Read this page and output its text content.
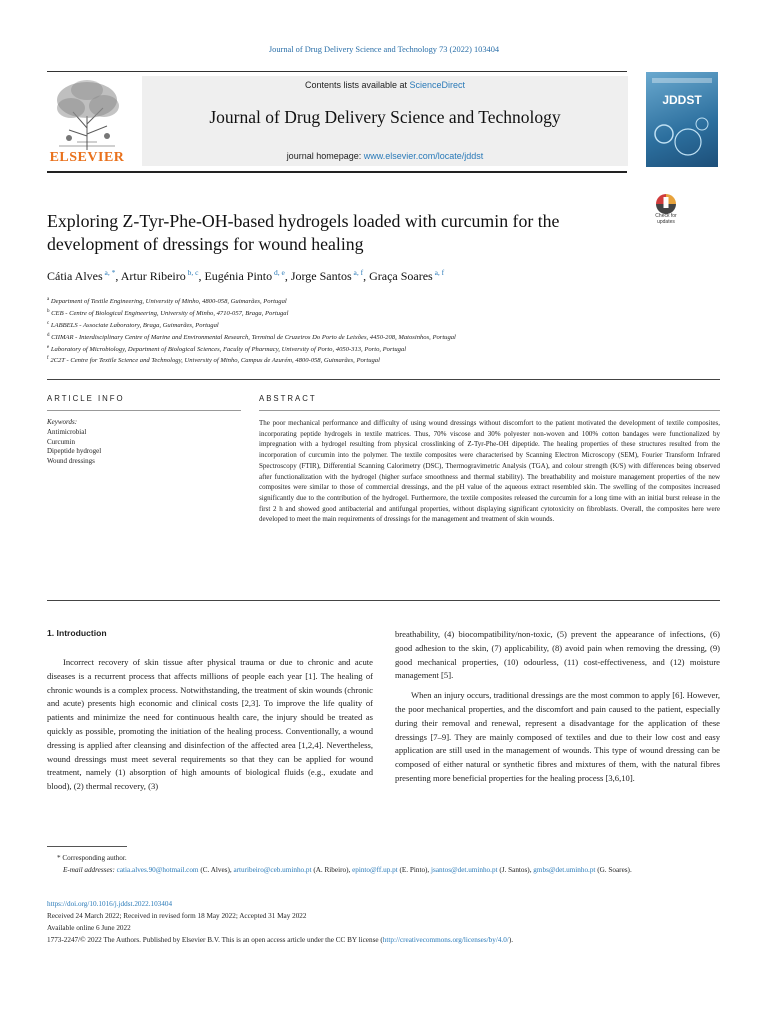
Journal of Drug Delivery Science and Technology 73 (2022) 103404
ELSEVIER
Contents lists available at ScienceDirect
Journal of Drug Delivery Science and Technology
journal homepage: www.elsevier.com/locate/jddst
JDDST
Check for updates
Exploring Z-Tyr-Phe-OH-based hydrogels loaded with curcumin for the development of dressings for wound healing
Cátia Alves $^{a, *}$, Artur Ribeiro $^{b, c}$, Eugénia Pinto $^{d, e}$, Jorge Santos $^{a, f}$, Graça Soares $^{a, f}$
$^a$ Department of Textile Engineering, University of Minho, 4800-058, Guimarães, Portugal
$^b$ CEB - Centre of Biological Engineering, University of Minho, 4710-057, Braga, Portugal
$^c$ LABBELS - Associate Laboratory, Braga, Guimarães, Portugal
$^d$ CIIMAR - Interdisciplinary Centre of Marine and Environmental Research, Terminal de Cruzeiros Do Porto de Leixões, 4450-208, Matosinhos, Portugal
$^e$ Laboratory of Microbiology, Department of Biological Sciences, Faculty of Pharmacy, University of Porto, 4050-313, Porto, Portugal
$^f$ 2C2T - Centre for Textile Science and Technology, University of Minho, Campus de Azurém, 4800-058, Guimarães, Portugal
ARTICLE INFO	ABSTRACT
Keywords:
Antimicrobial
Curcumin
Dipeptide hydrogel
Wound dressings
The poor mechanical performance and difficulty of using wound dressings without discomfort to the patient motivated the development of textile composites, incorporating peptide hydrogels in textile matrices. Thus, 70% viscose and 30% polyester non-woven and 100% cotton bandages were functionalized by impregnation with a hydrogel resulting from physical crosslinking of Z-Tyr-Phe-OH dipeptide. The healing properties of these structures resulted from the incorporation of curcumin into the polymer. The textile composites were characterised by Scanning Electron Microscopy (SEM), Fourier Transform Infrared Spectroscopy (FTIR), Differential Scanning Calorimetry (DSC), Thermogravimetric Analysis (TGA), and colour strength (K/S) with differences being observed after functionalization with the hydrogel (higher surface smoothness and thermal stability). The breathability and moisture management properties of the new composites were similar to those of commercial dressings, and the pH value of the aqueous extract resembled skin. The swelling of the composites increased significantly due to the contribution of the hydrogel. Furthermore, the textile composites released the curcumin for a long time with an initial burst release in the first 2 h and showed good antibacterial and antifungal properties, without displaying significant cytotoxicity on fibroblasts. Overall, the composites here were developed to meet the main requirements of dressings for the management and treatment of skin wounds.
1. Introduction

Incorrect recovery of skin tissue after physical trauma or due to chronic and acute diseases is a recurrent process that affects millions of people each year [1]. The healing of chronic wounds is a complex process. Notwithstanding, the treatment of skin wounds (chronic and acute) presents high economic and clinical costs [2,3]. To improve the life quality of patients and minimize the need for continuous health care, the injury should be treated as quickly as possible, promoting the initiation of the healing process. Conventionally, a wound dressing is applied after cleansing and disinfection of the affected area [1,2,4]. Nevertheless, wound dressings must meet several requirements so that they can be applied for wound treatment, namely (1) absorption of high amounts of biological fluids (e.g., exudate and blood), (2) thermal recovery, (3)

breathability, (4) biocompatibility/non-toxic, (5) prevent the appearance of infections, (6) good adhesion to the skin, (7) applicability, (8) avoid pain when removing the dressing, (9) good mechanical properties, (10) odourless, (11) cost-effectiveness, and (12) moisture management [5].

When an injury occurs, traditional dressings are the most common to apply [6]. However, the poor mechanical properties, and the discomfort and pain caused to the patient, especially during their removal and renewal, represent a disadvantage for the application of these dressings [7–9]. They are mainly composed of textiles and due to their low cost and easy application are still used in the management of wounds. This type of wound dressing can be composed of either natural or synthetic fibres and mixtures of them, with the natural fibres presenting more beneficial properties for the healing process [3,6,10].

* Corresponding author.
E-mail addresses: catia.alves.90@hotmail.com (C. Alves), arturibeiro@ceb.uminho.pt (A. Ribeiro), epinto@ff.up.pt (E. Pinto), jsantos@det.uminho.pt (J. Santos), gmbs@det.uminho.pt (G. Soares).
https://doi.org/10.1016/j.jddst.2022.103404
Received 24 March 2022; Received in revised form 18 May 2022; Accepted 31 May 2022
Available online 6 June 2022
1773-2247/© 2022 The Authors. Published by Elsevier B.V. This is an open access article under the CC BY license (http://creativecommons.org/licenses/by/4.0/).
